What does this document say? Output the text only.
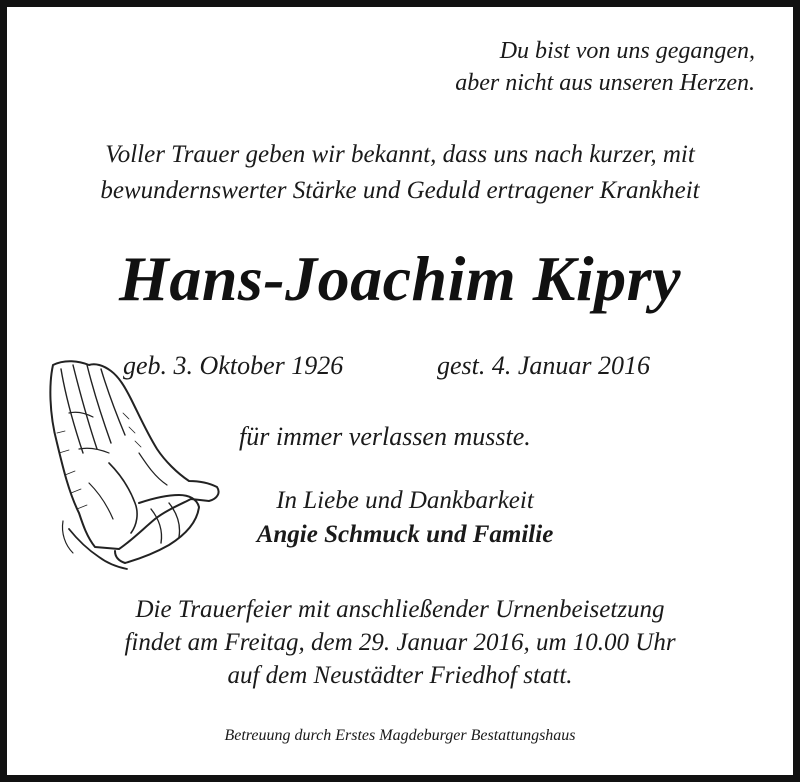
Du bist von uns gegangen,
aber nicht aus unseren Herzen.
Voller Trauer geben wir bekannt, dass uns nach kurzer, mit
bewundernswerter Stärke und Geduld ertragener Krankheit
Hans-Joachim Kipry
geb. 3. Oktober 1926	gest. 4. Januar 2016
für immer verlassen musste.
In Liebe und Dankbarkeit
Angie Schmuck und Familie
Die Trauerfeier mit anschließender Urnenbeisetzung
findet am Freitag, dem 29. Januar 2016, um 10.00 Uhr
auf dem Neustädter Friedhof statt.
Betreuung durch Erstes Magdeburger Bestattungshaus
